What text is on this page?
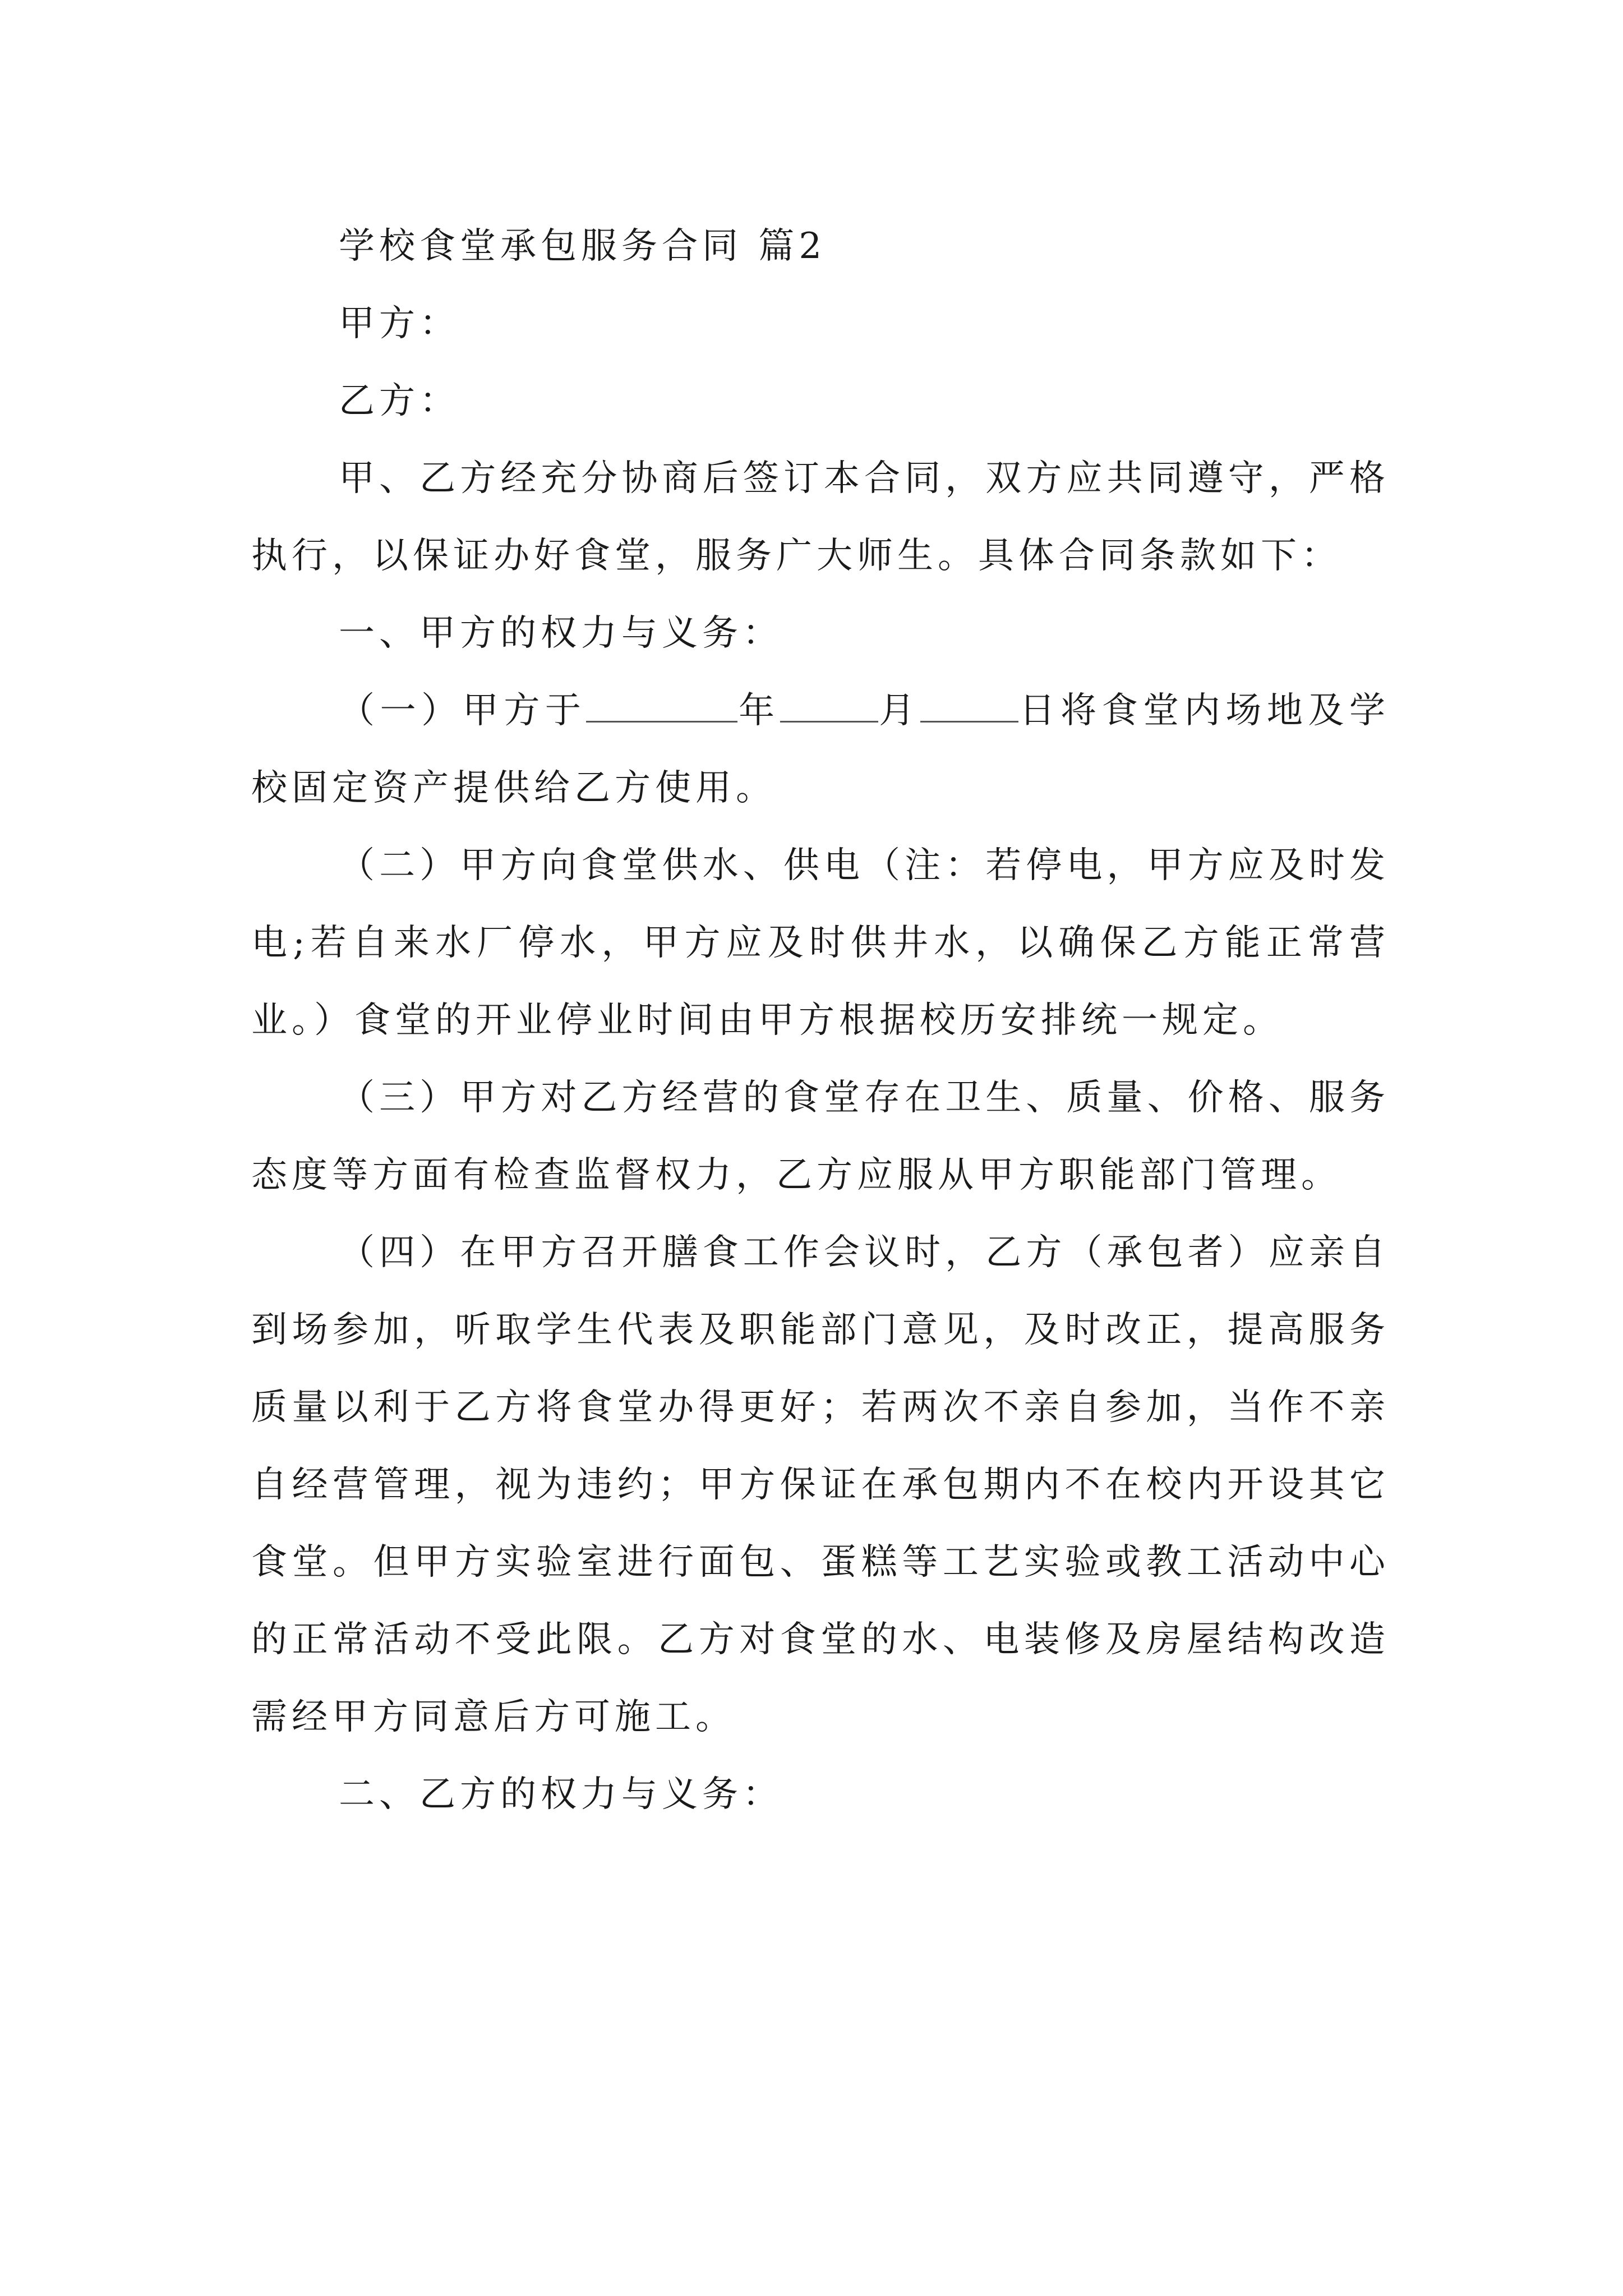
学校食堂承包服务合同 篇2

甲方：

乙方：

甲、乙方经充分协商后签订本合同，双方应共同遵守，严格执行，以保证办好食堂，服务广大师生。具体合同条款如下：

一、甲方的权力与义务：

（一）甲方于	年	月	日将食堂内场地及学校固定资产提供给乙方使用。

（二）甲方向食堂供水、供电（注：若停电，甲方应及时发电;若自来水厂停水，甲方应及时供井水，以确保乙方能正常营业。）食堂的开业停业时间由甲方根据校历安排统一规定。

（三）甲方对乙方经营的食堂存在卫生、质量、价格、服务态度等方面有检查监督权力，乙方应服从甲方职能部门管理。

（四）在甲方召开膳食工作会议时，乙方（承包者）应亲自到场参加，听取学生代表及职能部门意见，及时改正，提高服务质量以利于乙方将食堂办得更好；若两次不亲自参加，当作不亲自经营管理，视为违约；甲方保证在承包期内不在校内开设其它食堂。但甲方实验室进行面包、蛋糕等工艺实验或教工活动中心的正常活动不受此限。乙方对食堂的水、电装修及房屋结构改造需经甲方同意后方可施工。

二、乙方的权力与义务：
